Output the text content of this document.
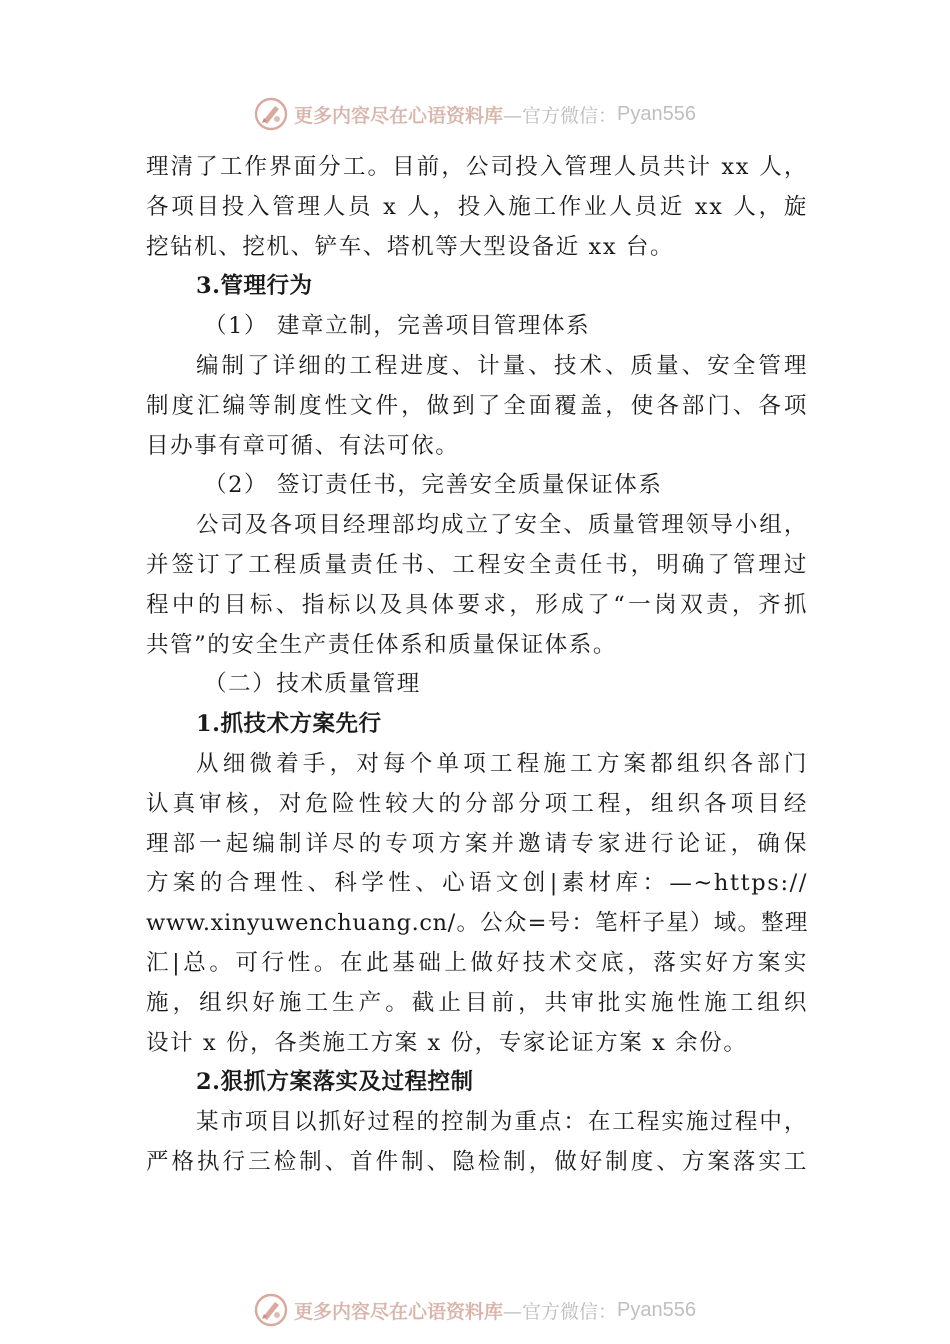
更多内容尽在心语资料库 —官方微信： Pyan556
理清了工作界面分工。目前，公司投入管理人员共计 xx 人，
各项目投入管理人员 x 人，投入施工作业人员近 xx 人，旋
挖钻机、挖机、铲车、塔机等大型设备近 xx 台。
3.管理行为
（1） 建章立制，完善项目管理体系
编制了详细的工程进度、计量、技术、质量、安全管理
制度汇编等制度性文件，做到了全面覆盖，使各部门、各项
目办事有章可循、有法可依。
（2） 签订责任书，完善安全质量保证体系
公司及各项目经理部均成立了安全、质量管理领导小组，
并签订了工程质量责任书、工程安全责任书，明确了管理过
程中的目标、指标以及具体要求，形成了“一岗双责，齐抓
共管”的安全生产责任体系和质量保证体系。
（二）技术质量管理
1.抓技术方案先行
从细微着手，对每个单项工程施工方案都组织各部门
认真审核，对危险性较大的分部分项工程，组织各项目经
理部一起编制详尽的专项方案并邀请专家进行论证，确保
方案的合理性、科学性、心语文创|素材库：—~https://
www.xinyuwenchuang.cn/。公众=号：笔杆子星）域。整理
汇|总。可行性。在此基础上做好技术交底，落实好方案实
施，组织好施工生产。截止目前，共审批实施性施工组织
设计 x 份，各类施工方案 x 份，专家论证方案 x 余份。
2.狠抓方案落实及过程控制
某市项目以抓好过程的控制为重点：在工程实施过程中，
严格执行三检制、首件制、隐检制，做好制度、方案落实工
更多内容尽在心语资料库 —官方微信： Pyan556
